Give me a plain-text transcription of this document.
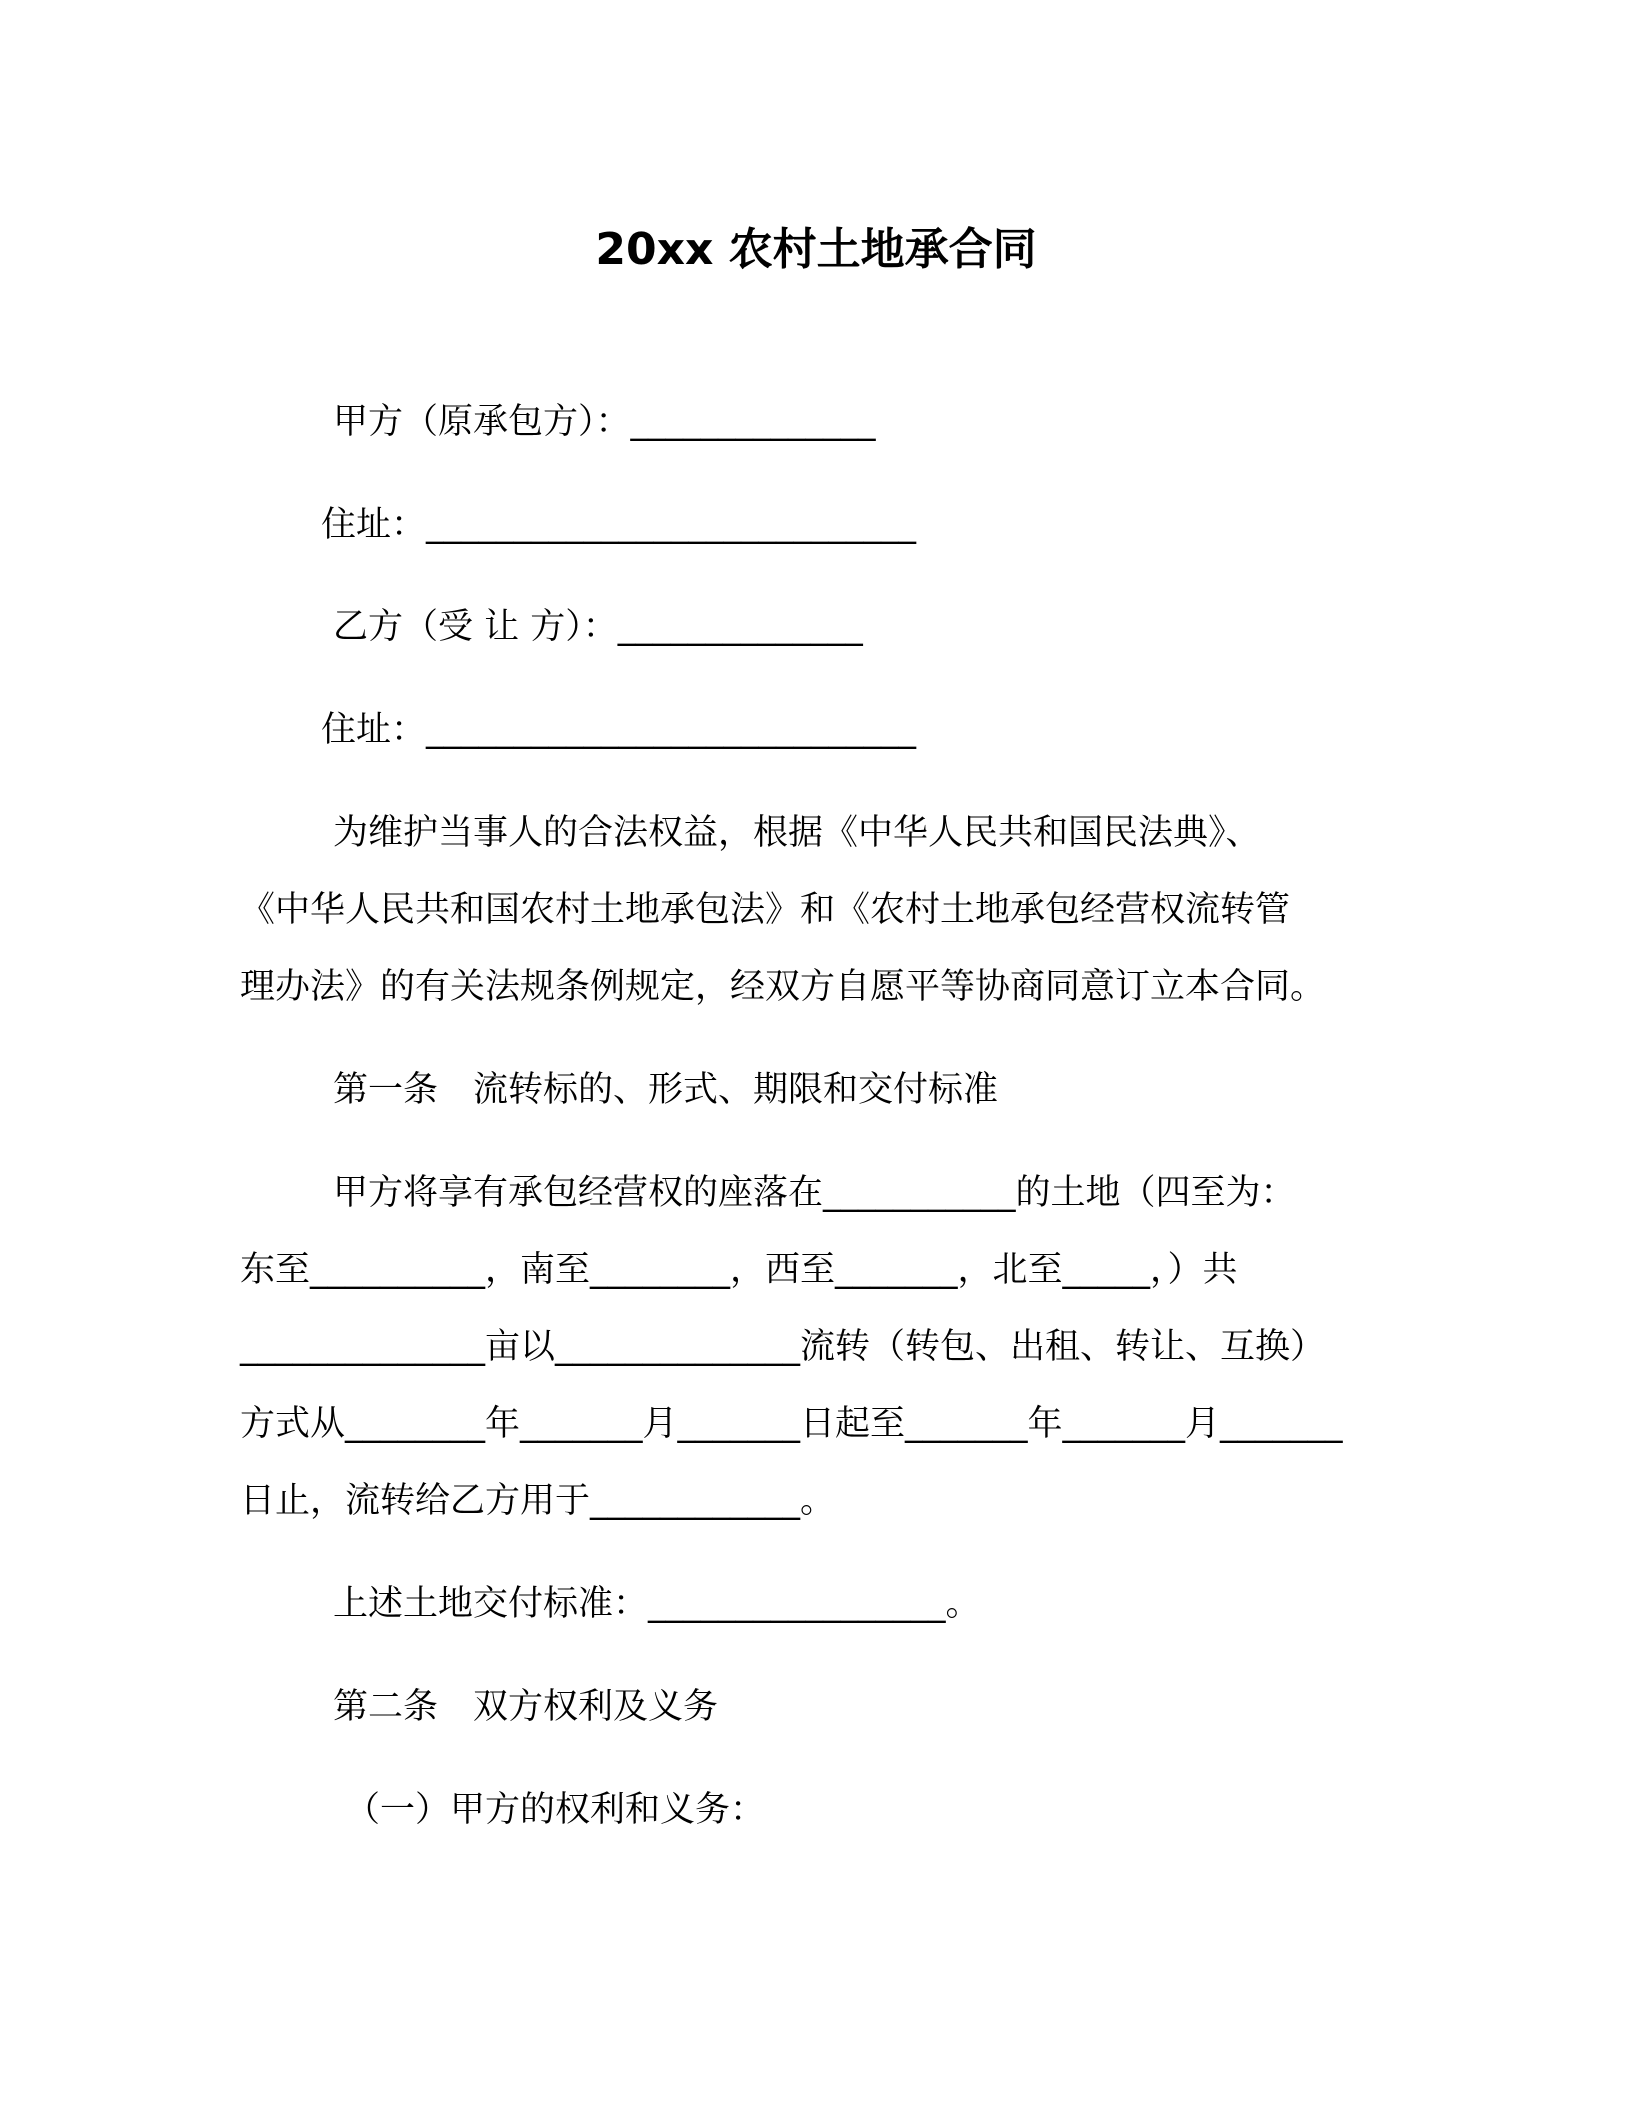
20xx 农村土地承合同
甲方（原承包方）：______________
住址：____________________________
乙方（受 让 方）：______________
住址：____________________________
为维护当事人的合法权益，根据《中华人民共和国民法典》、
《中华人民共和国农村土地承包法》和《农村土地承包经营权流转管
理办法》的有关法规条例规定，经双方自愿平等协商同意订立本合同。
第一条　流转标的、形式、期限和交付标准
甲方将享有承包经营权的座落在___________的土地（四至为：
东至__________，南至________，西至_______，北至_____，）共
______________亩以______________流转（转包、出租、转让、互换）
方式从________年_______月_______日起至_______年_______月_______
日止，流转给乙方用于____________。
上述土地交付标准：_________________。
第二条　双方权利及义务
（一）甲方的权利和义务：
